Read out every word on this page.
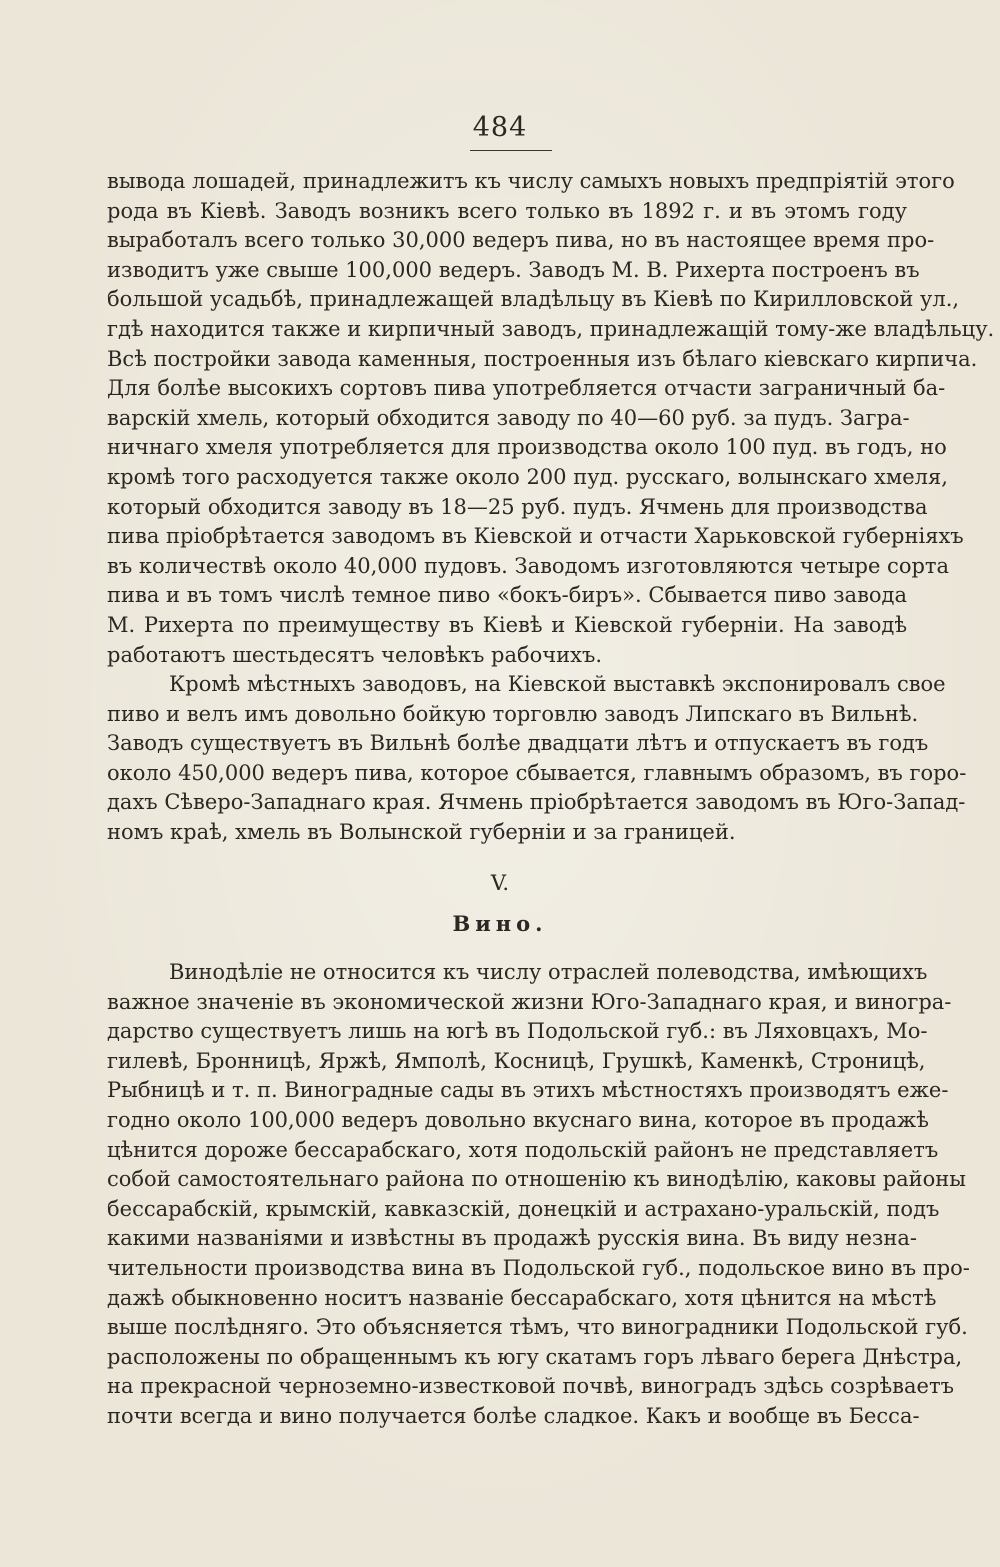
484
вывода лошадей, принадлежитъ къ числу самыхъ новыхъ предпріятій этого
рода въ Кіевѣ. Заводъ возникъ всего только въ 1892 г. и въ этомъ году
выработалъ всего только 30,000 ведеръ пива, но въ настоящее время про-
изводитъ уже свыше 100,000 ведеръ. Заводъ М. В. Рихерта построенъ въ
большой усадьбѣ, принадлежащей владѣльцу въ Кіевѣ по Кирилловской ул.,
гдѣ находится также и кирпичный заводъ, принадлежащій тому-же владѣльцу.
Всѣ постройки завода каменныя, построенныя изъ бѣлаго кіевскаго кирпича.
Для болѣе высокихъ сортовъ пива употребляется отчасти заграничный ба-
варскій хмель, который обходится заводу по 40—60 руб. за пудъ. Загра-
ничнаго хмеля употребляется для производства около 100 пуд. въ годъ, но
кромѣ того расходуется также около 200 пуд. русскаго, волынскаго хмеля,
который обходится заводу въ 18—25 руб. пудъ. Ячмень для производства
пива пріобрѣтается заводомъ въ Кіевской и отчасти Харьковской губерніяхъ
въ количествѣ около 40,000 пудовъ. Заводомъ изготовляются четыре сорта
пива и въ томъ числѣ темное пиво «бокъ-биръ». Сбывается пиво завода
М. Рихерта по преимуществу въ Кіевѣ и Кіевской губерніи. На заводѣ
работаютъ шестьдесятъ человѣкъ рабочихъ.
Кромѣ мѣстныхъ заводовъ, на Кіевской выставкѣ экспонировалъ свое
пиво и велъ имъ довольно бойкую торговлю заводъ Липскаго въ Вильнѣ.
Заводъ существуетъ въ Вильнѣ болѣе двадцати лѣтъ и отпускаетъ въ годъ
около 450,000 ведеръ пива, которое сбывается, главнымъ образомъ, въ горо-
дахъ Сѣверо-Западнаго края. Ячмень пріобрѣтается заводомъ въ Юго-Запад-
номъ краѣ, хмель въ Волынской губерніи и за границей.
V.
Вино.
Винодѣліе не относится къ числу отраслей полеводства, имѣющихъ
важное значеніе въ экономической жизни Юго-Западнаго края, и виногра-
дарство существуетъ лишь на югѣ въ Подольской губ.: въ Ляховцахъ, Мо-
гилевѣ, Бронницѣ, Яржѣ, Ямполѣ, Косницѣ, Грушкѣ, Каменкѣ, Строницѣ,
Рыбницѣ и т. п. Виноградные сады въ этихъ мѣстностяхъ производятъ еже-
годно около 100,000 ведеръ довольно вкуснаго вина, которое въ продажѣ
цѣнится дороже бессарабскаго, хотя подольскій районъ не представляетъ
собой самостоятельнаго района по отношенію къ винодѣлію, каковы районы
бессарабскій, крымскій, кавказскій, донецкій и астрахано-уральскій, подъ
какими названіями и извѣстны въ продажѣ русскія вина. Въ виду незна-
чительности производства вина въ Подольской губ., подольское вино въ про-
дажѣ обыкновенно носитъ названіе бессарабскаго, хотя цѣнится на мѣстѣ
выше послѣдняго. Это объясняется тѣмъ, что виноградники Подольской губ.
расположены по обращеннымъ къ югу скатамъ горъ лѣваго берега Днѣстра,
на прекрасной черноземно-известковой почвѣ, виноградъ здѣсь созрѣваетъ
почти всегда и вино получается болѣе сладкое. Какъ и вообще въ Бесса-
